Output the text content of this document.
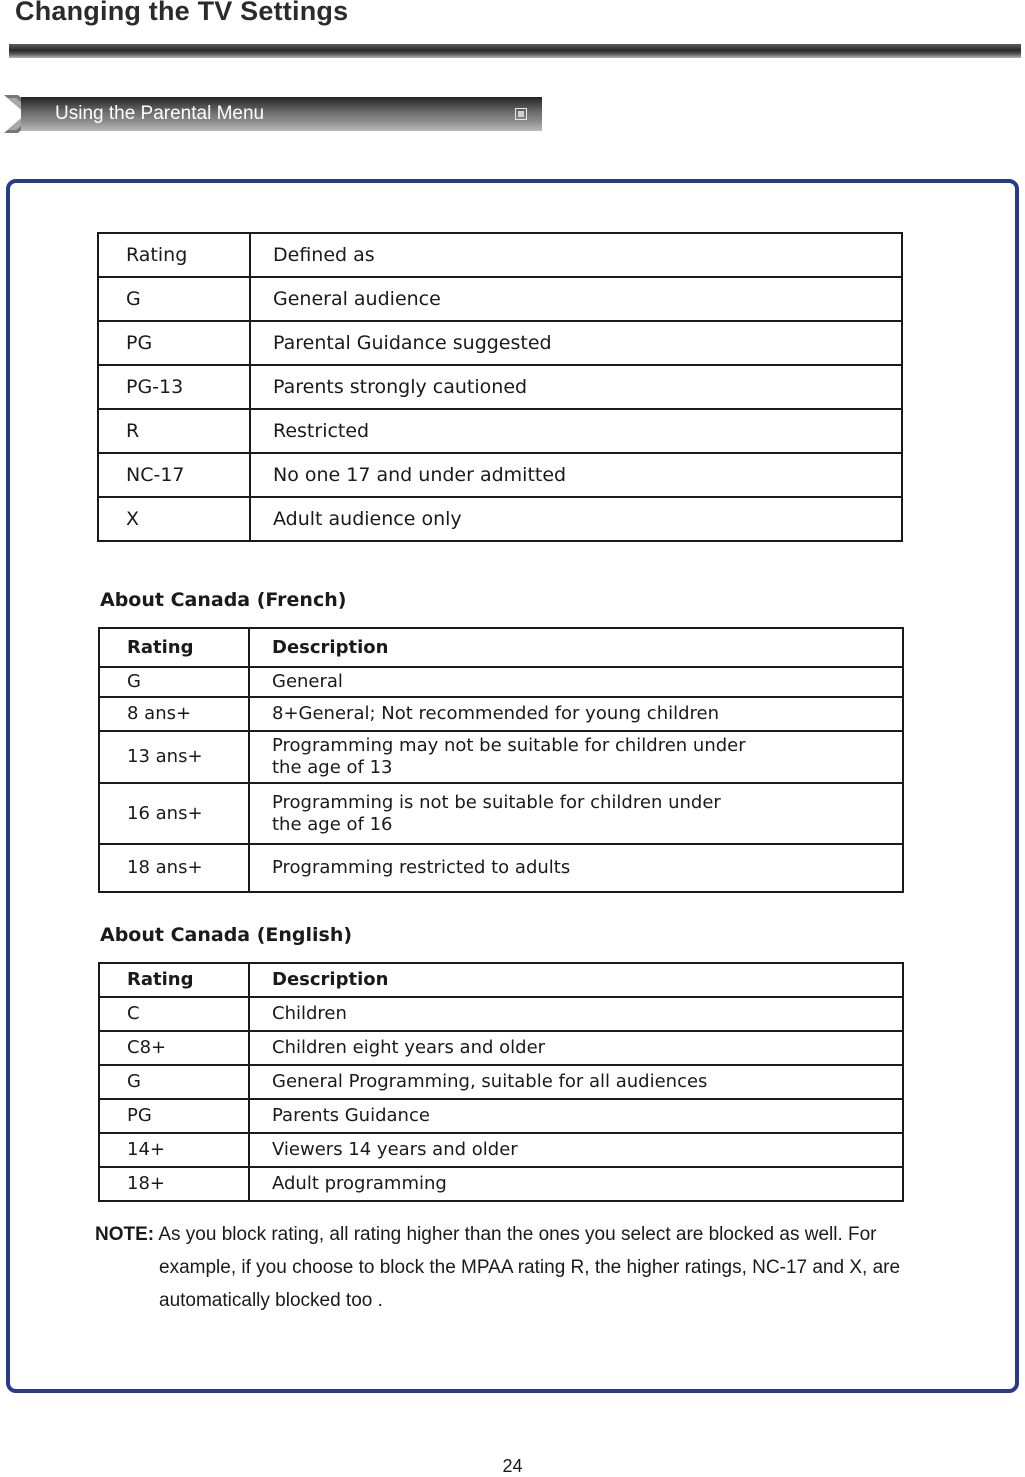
Changing the TV Settings
Using the Parental Menu
Rating	Defined as
G	General audience
PG	Parental Guidance suggested
PG-13	Parents strongly cautioned
R	Restricted
NC-17	No one 17 and under admitted
X	Adult audience only
About Canada (French)
Rating	Description
G	General
8 ans+	8+General; Not recommended for young children
13 ans+	Programming may not be suitable for children under
the age of 13

16 ans+	Programming is not be suitable for children under
the age of 16

18 ans+	Programming restricted to adults
About Canada (English)
Rating	Description
C	Children
C8+	Children eight years and older
G	General Programming, suitable for all audiences
PG	Parents Guidance
14+	Viewers 14 years and older
18+	Adult programming
NOTE: As you block rating, all rating higher than the ones you select are blocked as well. For
example, if you choose to block the MPAA rating R, the higher ratings, NC-17 and X, are
automatically blocked too .
24
